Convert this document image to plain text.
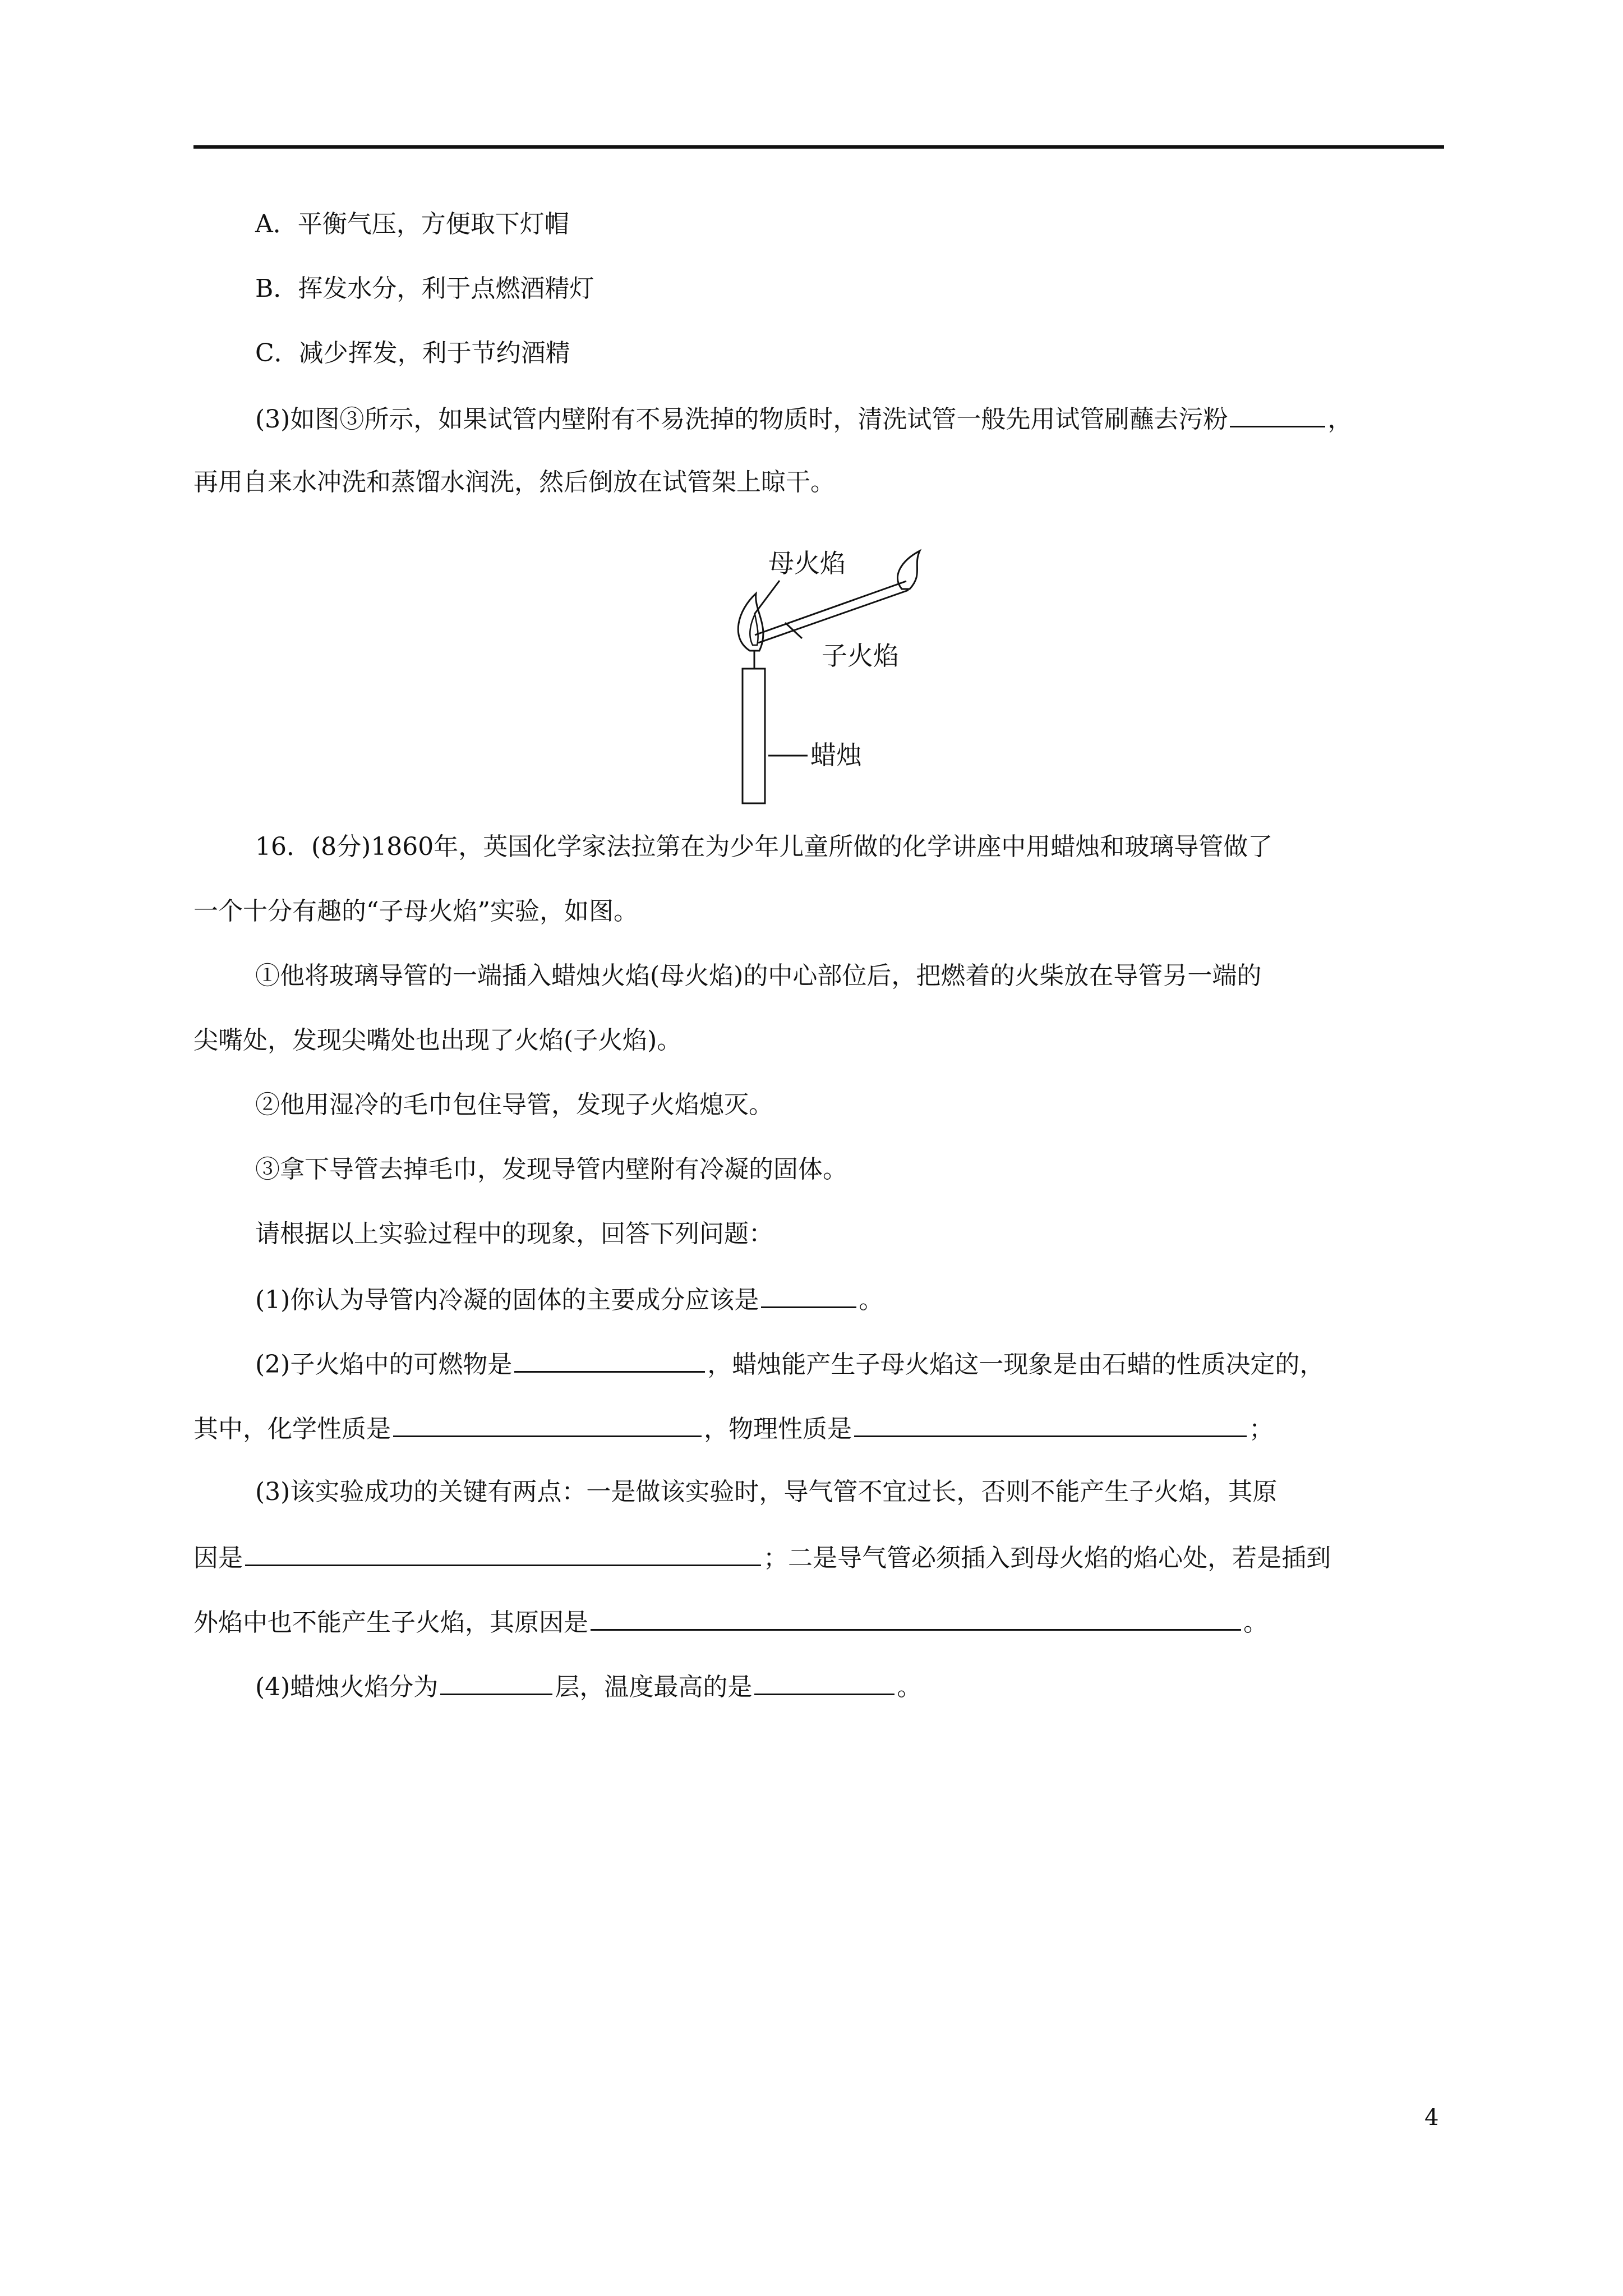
A．平衡气压，方便取下灯帽

B．挥发水分，利于点燃酒精灯

C．减少挥发，利于节约酒精

(3)如图③所示，如果试管内壁附有不易洗掉的物质时，清洗试管一般先用试管刷蘸去污粉	，

再用自来水冲洗和蒸馏水润洗，然后倒放在试管架上晾干。

母火焰
子火焰
蜡烛

16．(8分)1860年，英国化学家法拉第在为少年儿童所做的化学讲座中用蜡烛和玻璃导管做了

一个十分有趣的“子母火焰”实验，如图。

①他将玻璃导管的一端插入蜡烛火焰(母火焰)的中心部位后，把燃着的火柴放在导管另一端的

尖嘴处，发现尖嘴处也出现了火焰(子火焰)。

②他用湿冷的毛巾包住导管，发现子火焰熄灭。

③拿下导管去掉毛巾，发现导管内壁附有冷凝的固体。

请根据以上实验过程中的现象，回答下列问题：

(1)你认为导管内冷凝的固体的主要成分应该是	。

(2)子火焰中的可燃物是	，蜡烛能产生子母火焰这一现象是由石蜡的性质决定的，

其中，化学性质是	，物理性质是	；

(3)该实验成功的关键有两点：一是做该实验时，导气管不宜过长，否则不能产生子火焰，其原

因是	；二是导气管必须插入到母火焰的焰心处，若是插到

外焰中也不能产生子火焰，其原因是	。

(4)蜡烛火焰分为	层，温度最高的是	。

4
